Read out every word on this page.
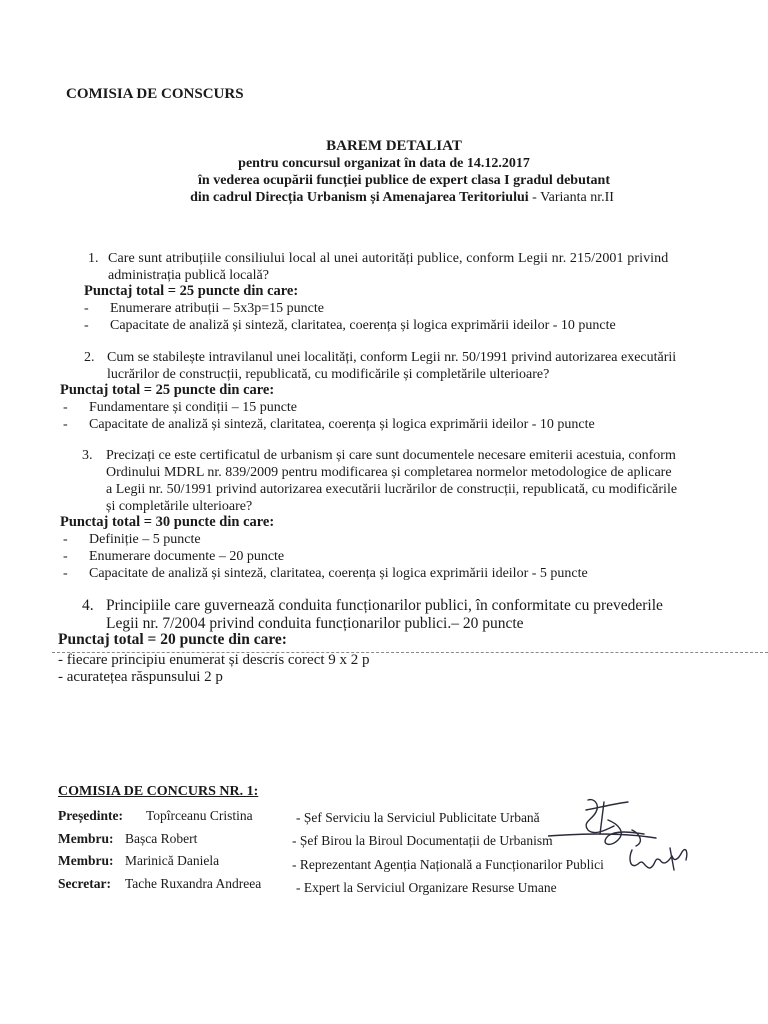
COMISIA DE CONSCURS
BAREM DETALIAT
pentru concursul organizat în data de 14.12.2017
în vederea ocupării funcției publice de expert clasa I gradul debutant
din cadrul Direcția Urbanism și Amenajarea Teritoriului - Varianta nr.II
1. Care sunt atribuțiile consiliului local al unei autorități publice, conform Legii nr. 215/2001 privind
administrația publică locală?
Punctaj total = 25 puncte din care:
- Enumerare atribuții – 5x3p=15 puncte
- Capacitate de analiză și sinteză, claritatea, coerența și logica exprimării ideilor - 10 puncte
2. Cum se stabilește intravilanul unei localități, conform Legii nr. 50/1991 privind autorizarea executării
lucrărilor de construcții, republicată, cu modificările și completările ulterioare?
Punctaj total = 25 puncte din care:
- Fundamentare și condiții – 15 puncte
- Capacitate de analiză și sinteză, claritatea, coerența și logica exprimării ideilor - 10 puncte
3. Precizați ce este certificatul de urbanism și care sunt documentele necesare emiterii acestuia, conform
Ordinului MDRL nr. 839/2009 pentru modificarea și completarea normelor metodologice de aplicare
a Legii nr. 50/1991 privind autorizarea executării lucrărilor de construcții, republicată, cu modificările
și completările ulterioare?
Punctaj total = 30 puncte din care:
- Definiție – 5 puncte
- Enumerare documente – 20 puncte
- Capacitate de analiză și sinteză, claritatea, coerența și logica exprimării ideilor - 5 puncte
4. Principiile care guvernează conduita funcționarilor publici, în conformitate cu prevederile
Legii nr. 7/2004 privind conduita funcționarilor publici.– 20 puncte
Punctaj total = 20 puncte din care:
- fiecare principiu enumerat și descris corect 9 x 2 p
- acuratețea răspunsului 2 p
COMISIA DE CONCURS NR. 1:
Președinte: Topîrceanu Cristina	- Șef Serviciu la Serviciul Publicitate Urbană
Membru: Bașca Robert	- Șef Birou la Biroul Documentații de Urbanism
Membru: Marinică Daniela	- Reprezentant Agenția Națională a Funcționarilor Publici
Secretar: Tache Ruxandra Andreea	- Expert la Serviciul Organizare Resurse Umane
